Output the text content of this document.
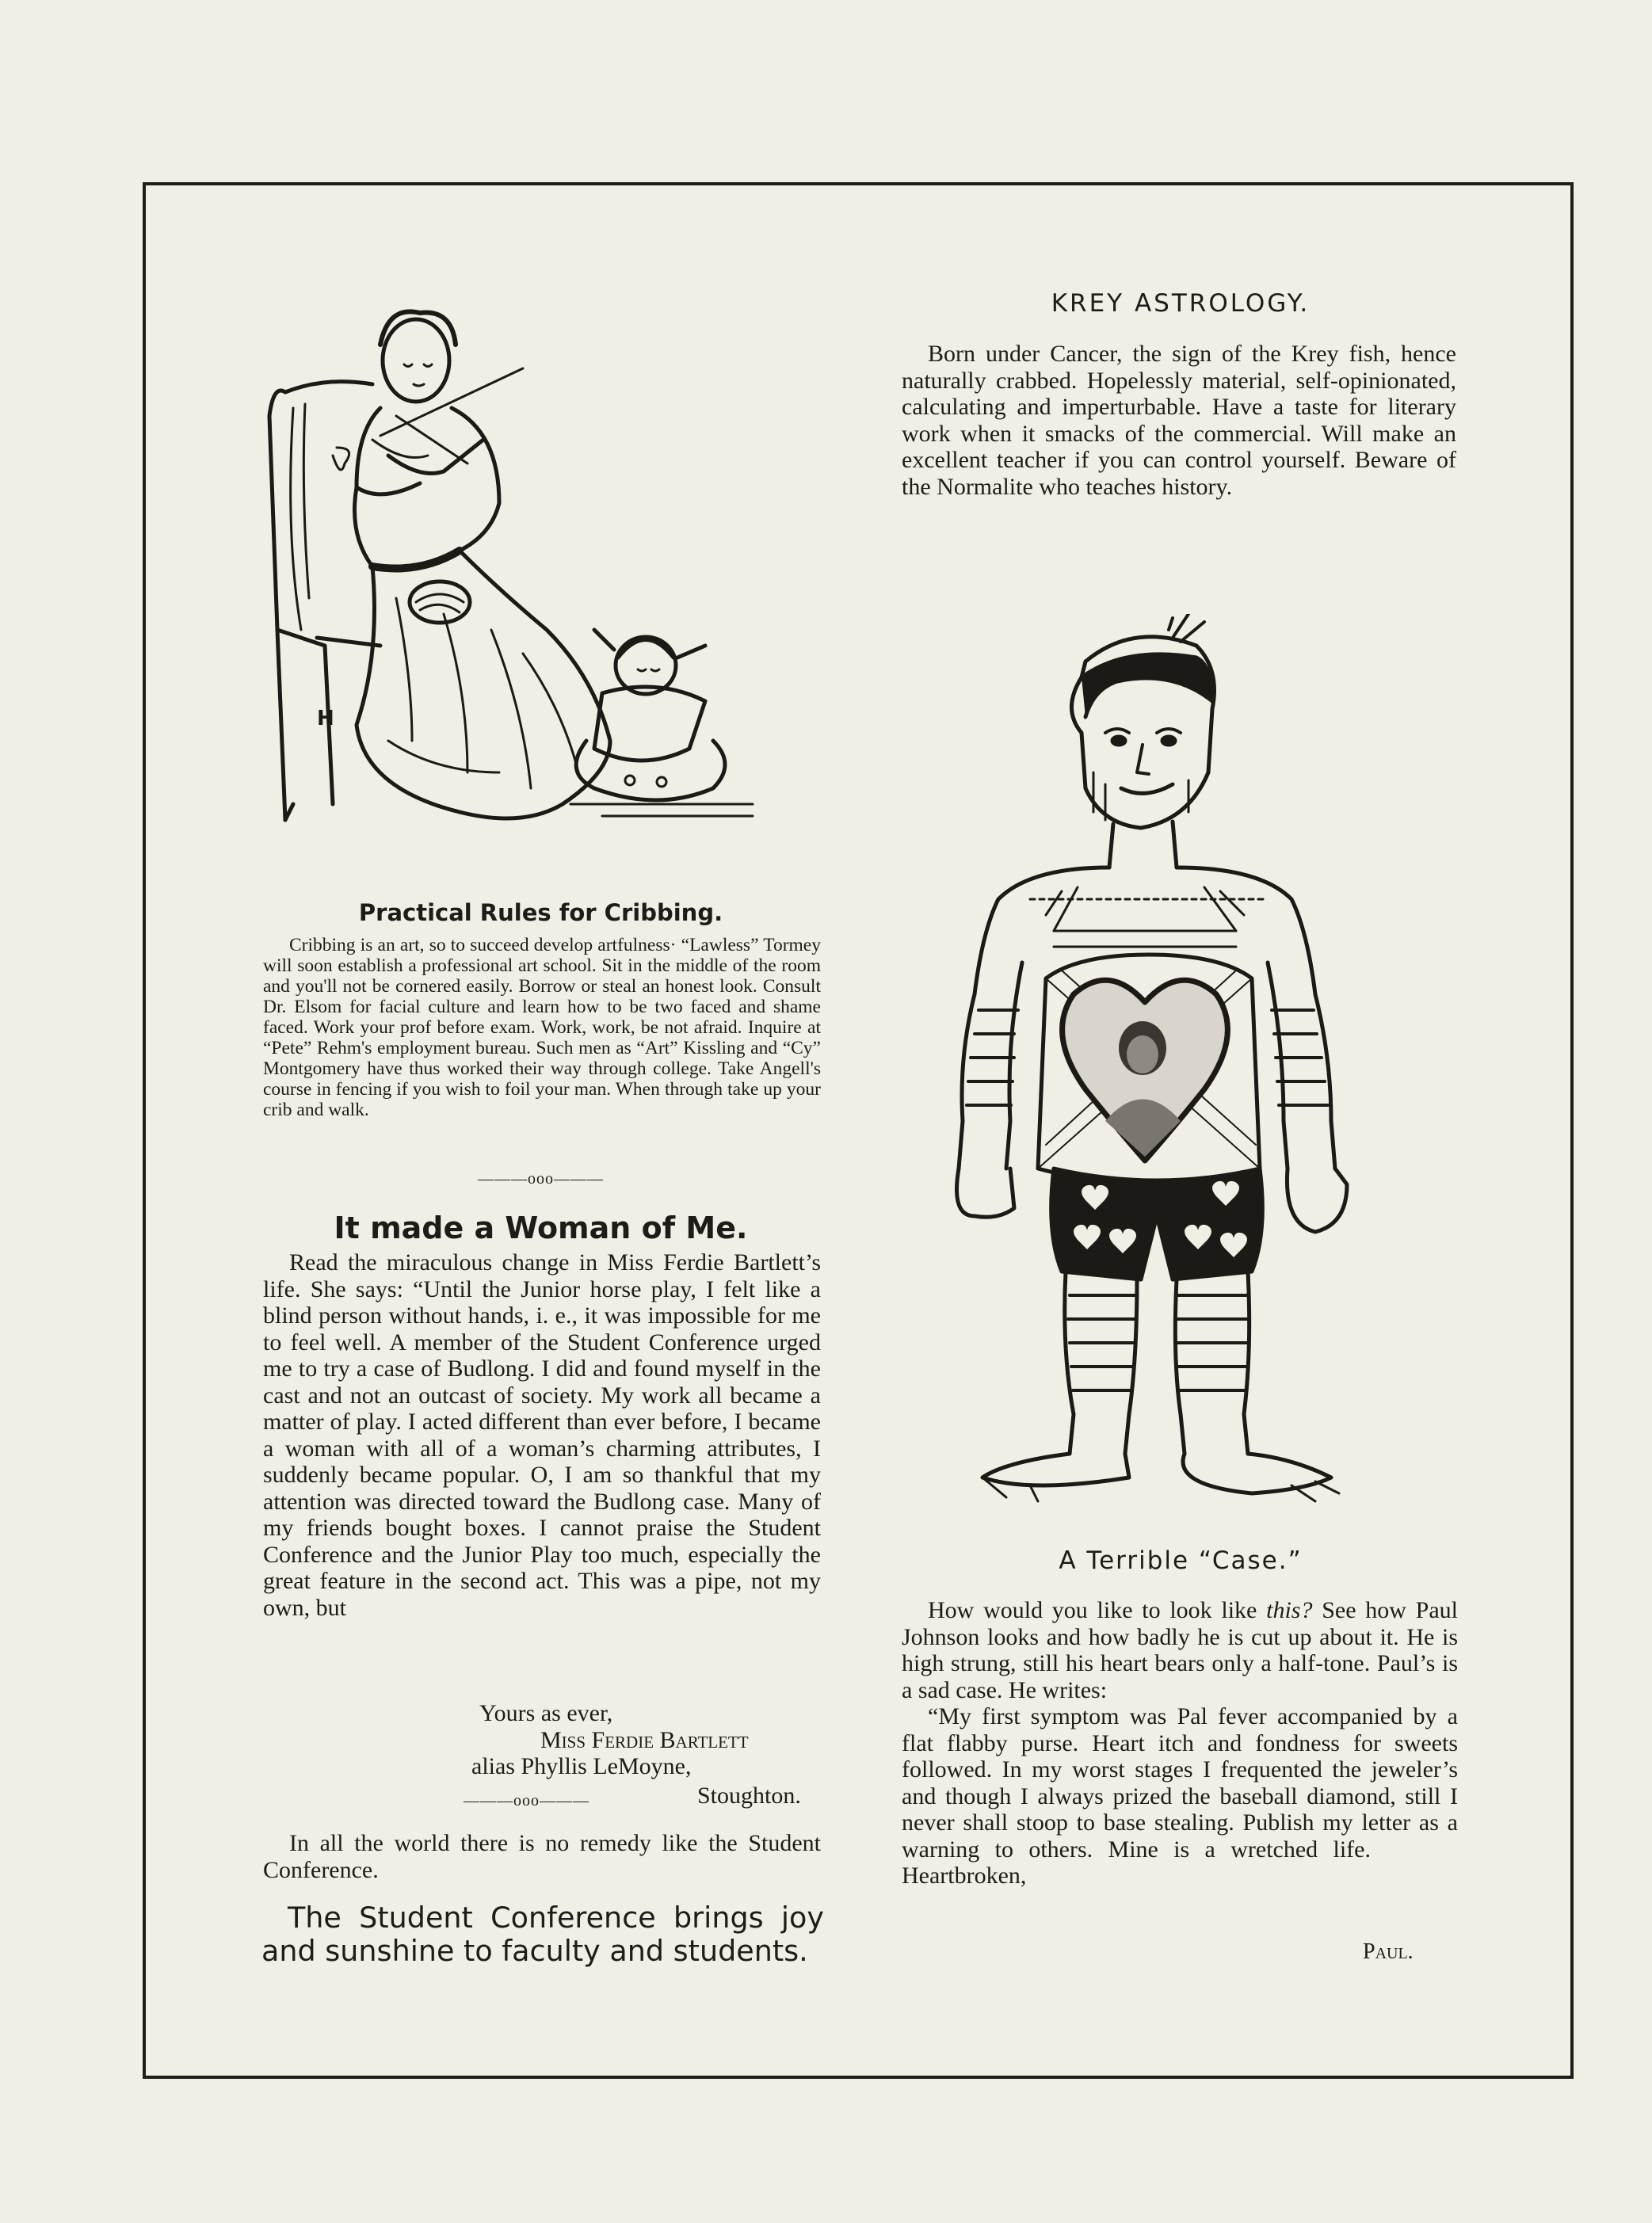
H
Practical Rules for Cribbing.
Cribbing is an art, so to succeed develop artfulness· “Lawless” Tormey will soon establish a professional art school. Sit in the middle of the room and you'll not be cornered easily. Borrow or steal an honest look. Consult Dr. Elsom for facial culture and learn how to be two faced and shame faced. Work your prof before exam. Work, work, be not afraid. Inquire at “Pete” Rehm's employment bureau. Such men as “Art” Kissling and “Cy” Montgomery have thus worked their way through college. Take Angell's course in fencing if you wish to foil your man. When through take up your crib and walk.
———ooo———
It made a Woman of Me.
Read the miraculous change in Miss Ferdie Bartlett’s life. She says: “Until the Junior horse play, I felt like a blind person without hands, i. e., it was impossible for me to feel well. A member of the Student Conference urged me to try a case of Budlong. I did and found myself in the cast and not an outcast of society. My work all became a matter of play. I acted different than ever before, I became a woman with all of a woman’s charming attributes, I suddenly became popular. O, I am so thankful that my attention was directed toward the Budlong case. Many of my friends bought boxes. I cannot praise the Student Conference and the Junior Play too much, especially the great feature in the second act. This was a pipe, not my own, but
Yours as ever,
Miss Ferdie Bartlett
alias Phyllis LeMoyne,
———ooo———	Stoughton.
In all the world there is no remedy like the Student Conference.
The Student Conference brings joy and sunshine to faculty and students.
KREY ASTROLOGY.
Born under Cancer, the sign of the Krey fish, hence naturally crabbed. Hopelessly material, self-opinionated, calculating and imperturbable. Have a taste for literary work when it smacks of the commercial. Will make an excellent teacher if you can control yourself. Beware of the Normalite who teaches history.
A Terrible “Case.”

How would you like to look like this? See how Paul Johnson looks and how badly he is cut up about it. He is high strung, still his heart bears only a half-tone. Paul’s is a sad case. He writes:

“My first symptom was Pal fever accompanied by a flat flabby purse. Heart itch and fondness for sweets followed. In my worst stages I frequented the jeweler’s and though I always prized the baseball diamond, still I never shall stoop to base stealing. Publish my letter as a warning to others. Mine is a wretched life.Heartbroken,

Paul.
